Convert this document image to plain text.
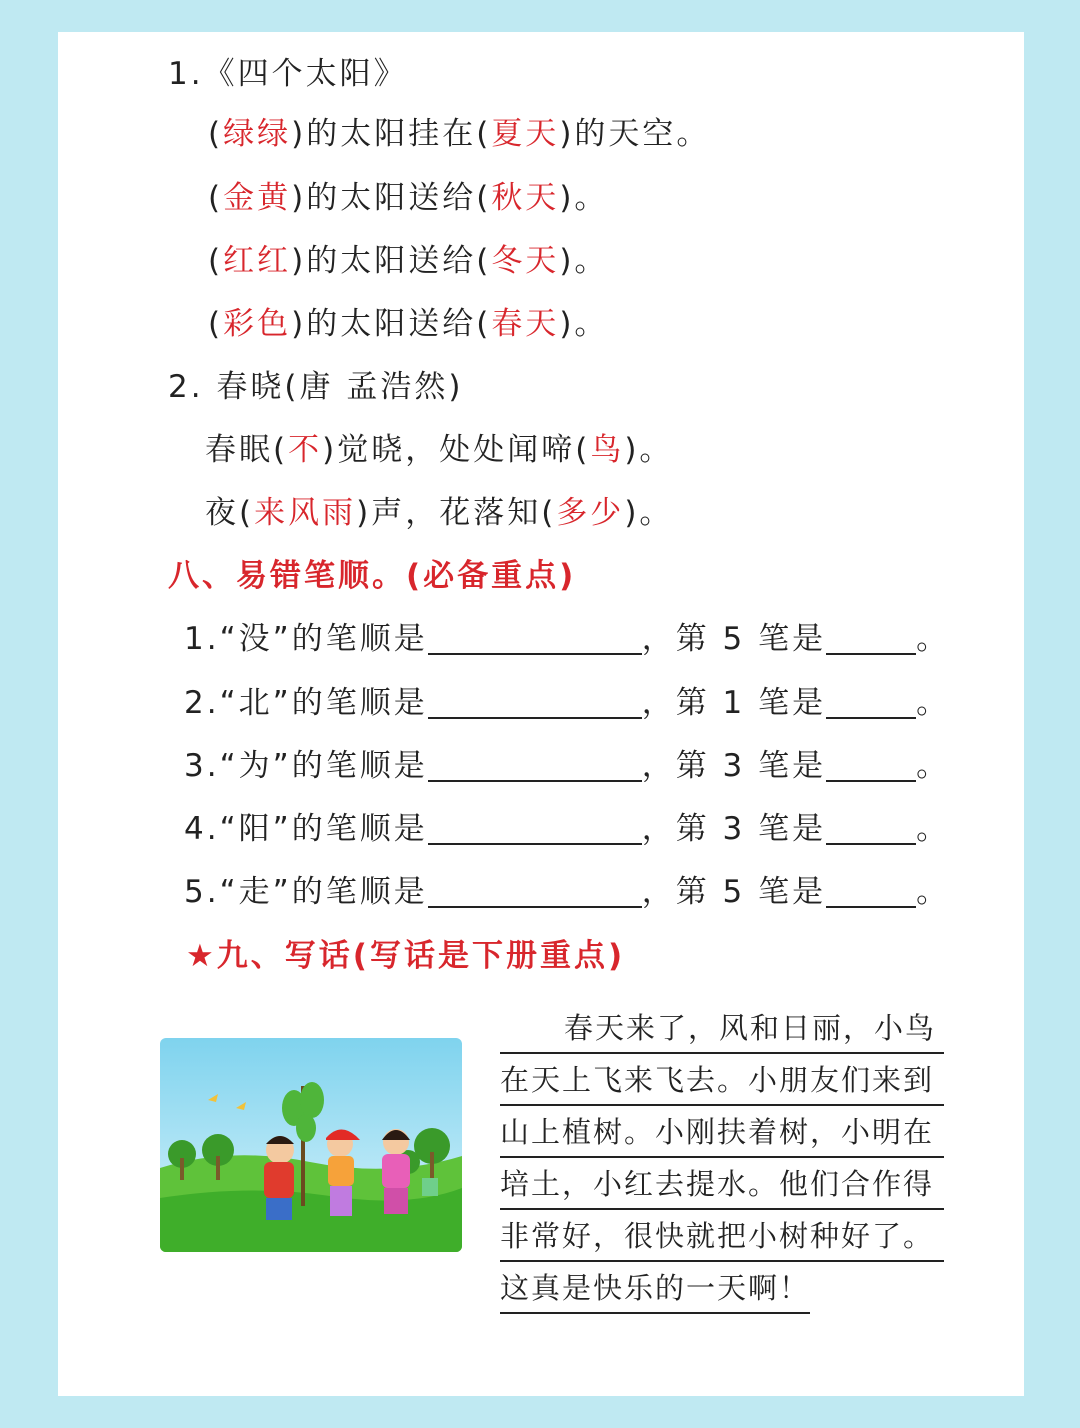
1.《四个太阳》
(绿绿)的太阳挂在(夏天)的天空。
(金黄)的太阳送给(秋天)。
(红红)的太阳送给(冬天)。
(彩色)的太阳送给(春天)。
2. 春晓(唐 孟浩然)
春眠(不)觉晓，处处闻啼(鸟)。
夜(来风雨)声，花落知(多少)。
八、易错笔顺。(必备重点)
1.“没”的笔顺是	，第 5 笔是	。
2.“北”的笔顺是	，第 1 笔是	。
3.“为”的笔顺是	，第 3 笔是	。
4.“阳”的笔顺是	，第 3 笔是	。
5.“走”的笔顺是	，第 5 笔是	。
★九、写话(写话是下册重点)
春天来了，风和日丽，小鸟
在天上飞来飞去。小朋友们来到
山上植树。小刚扶着树，小明在
培土，小红去提水。他们合作得
非常好，很快就把小树种好了。
这真是快乐的一天啊！
